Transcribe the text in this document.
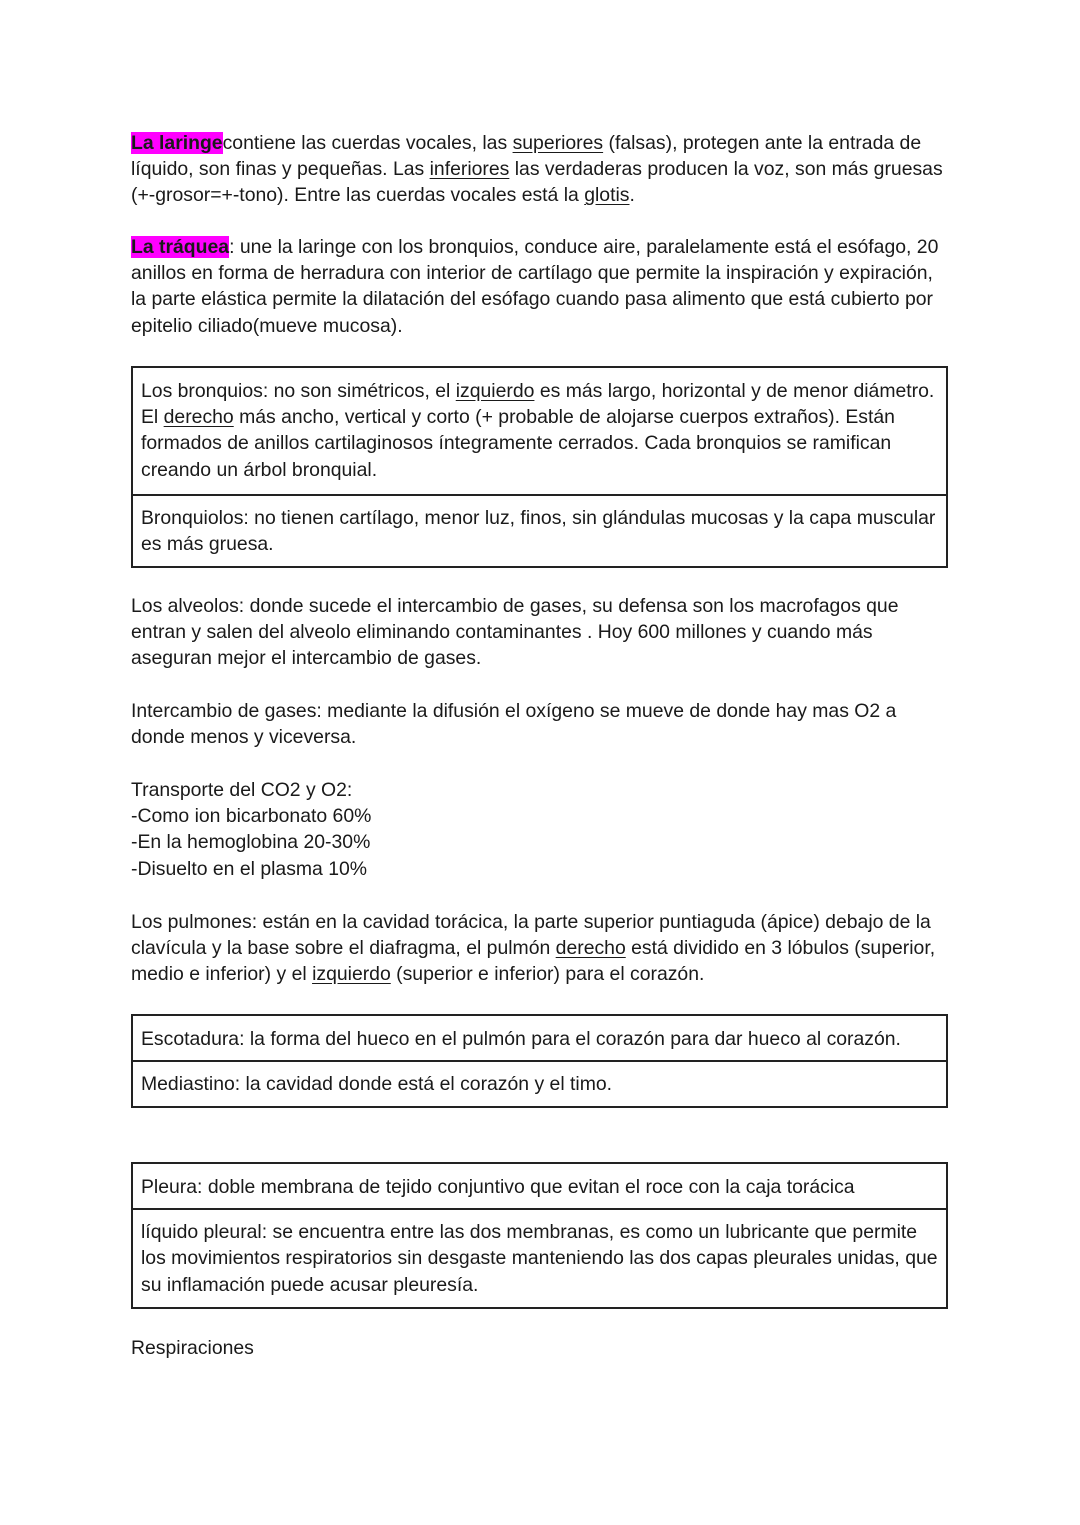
La laringecontiene las cuerdas vocales, las superiores (falsas), protegen ante la entrada de líquido, son finas y pequeñas. Las inferiores las verdaderas producen la voz, son más gruesas (+-grosor=+-tono). Entre las cuerdas vocales está la glotis.
La tráquea: une la laringe con los bronquios, conduce aire, paralelamente está el esófago, 20 anillos en forma de herradura con interior de cartílago que permite la inspiración y expiración, la parte elástica permite la dilatación del esófago cuando pasa alimento que está cubierto por epitelio ciliado(mueve mucosa).
Los bronquios: no son simétricos, el izquierdo es más largo, horizontal y de menor diámetro. El derecho más ancho, vertical y corto (+ probable de alojarse cuerpos extraños). Están formados de anillos cartilaginosos íntegramente cerrados. Cada bronquios se ramifican creando un árbol bronquial.
Bronquiolos: no tienen cartílago, menor luz, finos, sin glándulas mucosas y la capa muscular es más gruesa.
Los alveolos: donde sucede el intercambio de gases, su defensa son los macrofagos que entran y salen del alveolo eliminando contaminantes . Hoy 600 millones y cuando más aseguran mejor el intercambio de gases.
Intercambio de gases: mediante la difusión el oxígeno se mueve de donde hay mas O2 a donde menos y viceversa.
Transporte del CO2 y O2:
-Como ion bicarbonato 60%
-En la hemoglobina 20-30%
-Disuelto en el plasma 10%
Los pulmones: están en la cavidad torácica, la parte superior puntiaguda (ápice) debajo de la clavícula y la base sobre el diafragma, el pulmón derecho está dividido en 3 lóbulos (superior, medio e inferior) y el izquierdo (superior e inferior) para el corazón.
Escotadura: la forma del hueco en el pulmón para el corazón para dar hueco al corazón.
Mediastino: la cavidad donde está el corazón y el timo.
Pleura: doble membrana de tejido conjuntivo que evitan el roce con la caja torácica
líquido pleural: se encuentra entre las dos membranas, es como un lubricante que permite los movimientos respiratorios sin desgaste manteniendo las dos capas pleurales unidas, que su inflamación puede acusar pleuresía.
Respiraciones
